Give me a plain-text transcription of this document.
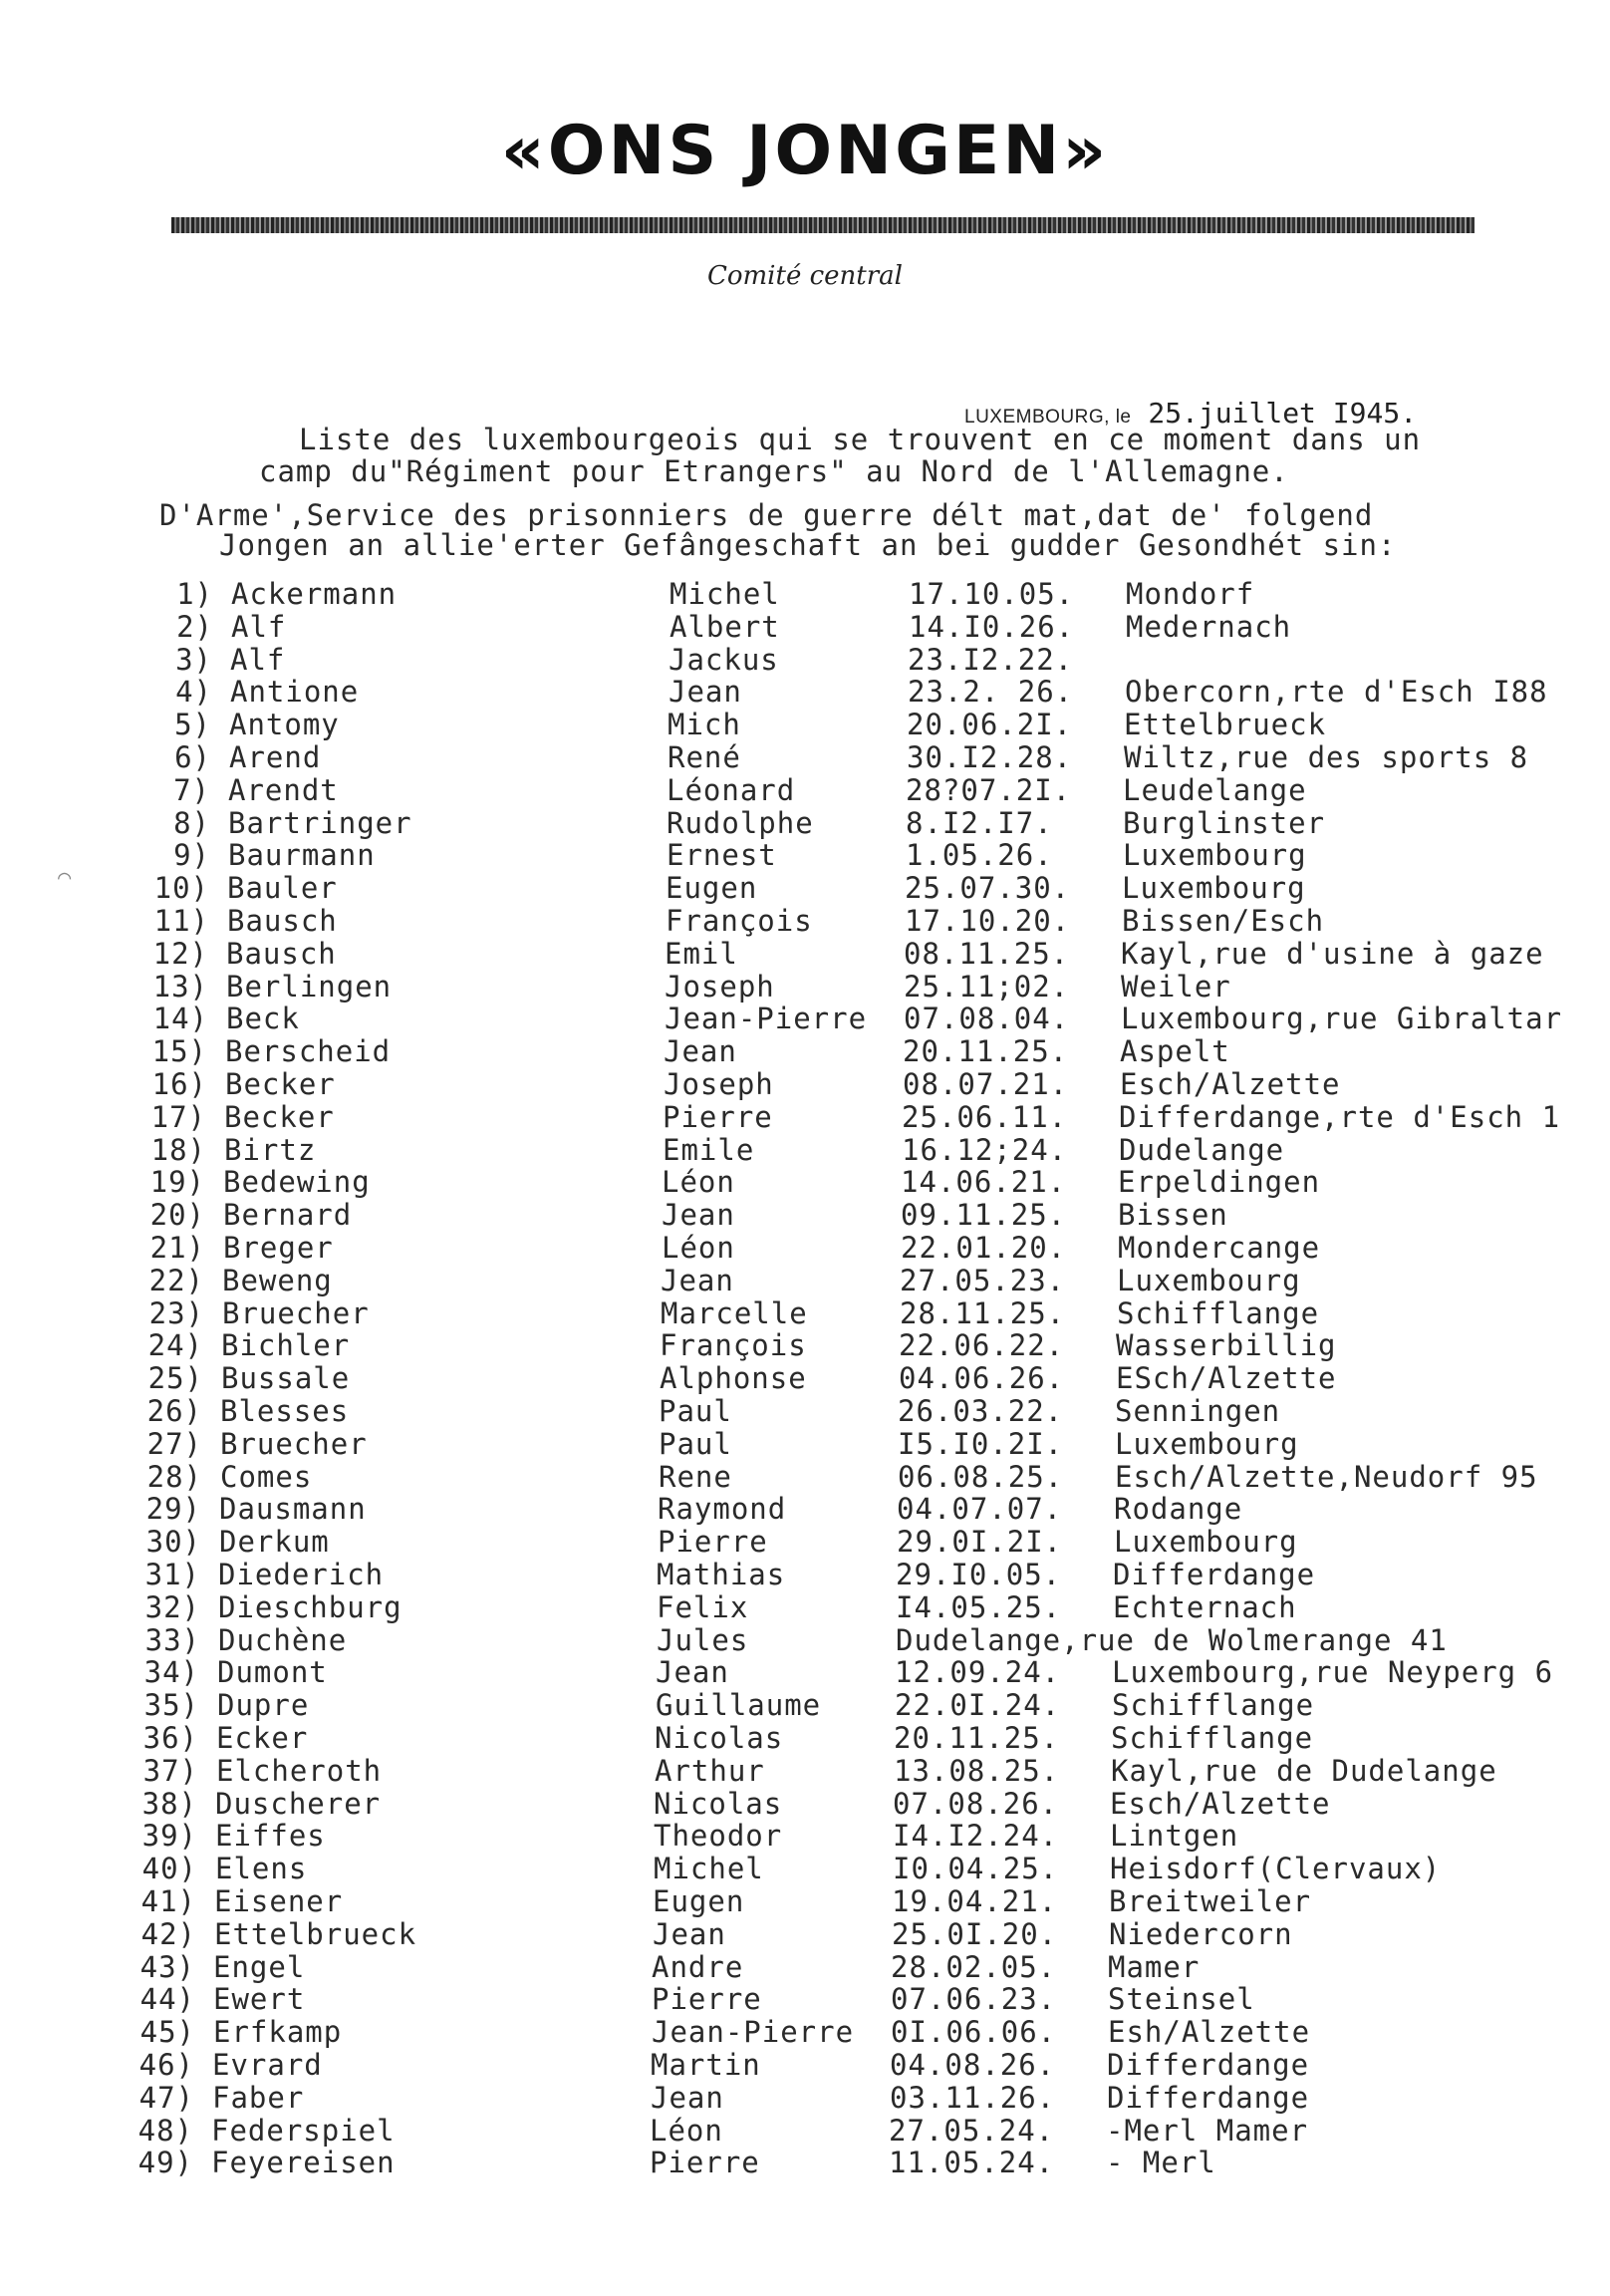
«ONS JONGEN»
Comité central
LUXEMBOURG, le 25.juillet I945.
Liste des luxembourgeois qui se trouvent en ce moment dans un
camp du"Régiment pour Etrangers" au Nord de l'Allemagne.
D'Arme',Service des prisonniers de guerre délt mat,dat de' folgend
Jongen an allie'erter Gefângeschaft an bei gudder Gesondhét sin:
1) Ackermann	Michel	17.10.05. Mondorf
2) Alf	Albert	14.I0.26. Medernach
3) Alf	Jackus	23.I2.22.
4) Antione	Jean	23.2. 26. Obercorn,rte d'Esch I88
5) Antomy	Mich	20.06.2I. Ettelbrueck
6) Arend	René	30.I2.28. Wiltz,rue des sports 8
7) Arendt	Léonard	28?07.2I. Leudelange
8) Bartringer	Rudolphe	8.I2.I7. Burglinster
9) Baurmann	Ernest	1.05.26. Luxembourg
10) Bauler	Eugen	25.07.30. Luxembourg
11) Bausch	François	17.10.20. Bissen/Esch
12) Bausch	Emil	08.11.25. Kayl,rue d'usine à gaze
13) Berlingen	Joseph	25.11;02. Weiler
14) Beck	Jean-Pierre 07.08.04. Luxembourg,rue Gibraltar
15) Berscheid	Jean	20.11.25. Aspelt
16) Becker	Joseph	08.07.21. Esch/Alzette
17) Becker	Pierre	25.06.11. Differdange,rte d'Esch 1
18) Birtz	Emile	16.12;24. Dudelange
19) Bedewing	Léon	14.06.21. Erpeldingen
20) Bernard	Jean	09.11.25. Bissen
21) Breger	Léon	22.01.20. Mondercange
22) Beweng	Jean	27.05.23. Luxembourg
23) Bruecher	Marcelle	28.11.25. Schifflange
24) Bichler	François	22.06.22. Wasserbillig
25) Bussale	Alphonse	04.06.26. ESch/Alzette
26) Blesses	Paul	26.03.22. Senningen
27) Bruecher	Paul	I5.I0.2I. Luxembourg
28) Comes	Rene	06.08.25. Esch/Alzette,Neudorf 95
29) Dausmann	Raymond	04.07.07. Rodange
30) Derkum	Pierre	29.0I.2I. Luxembourg
31) Diederich	Mathias	29.I0.05. Differdange
32) Dieschburg	Felix	I4.05.25. Echternach
33) Duchène	Jules	Dudelange,rue de Wolmerange 41
34) Dumont	Jean	12.09.24. Luxembourg,rue Neyperg 6
35) Dupre	Guillaume	22.0I.24. Schifflange
36) Ecker	Nicolas	20.11.25. Schifflange
37) Elcheroth	Arthur	13.08.25. Kayl,rue de Dudelange
38) Duscherer	Nicolas	07.08.26. Esch/Alzette
39) Eiffes	Theodor	I4.I2.24. Lintgen
40) Elens	Michel	I0.04.25. Heisdorf(Clervaux)
41) Eisener	Eugen	19.04.21. Breitweiler
42) Ettelbrueck	Jean	25.0I.20. Niedercorn
43) Engel	Andre	28.02.05. Mamer
44) Ewert	Pierre	07.06.23. Steinsel
45) Erfkamp	Jean-Pierre 0I.06.06. Esh/Alzette
46) Evrard	Martin	04.08.26. Differdange
47) Faber	Jean	03.11.26. Differdange
48) Federspiel	Léon	27.05.24. -Merl Mamer
49) Feyereisen	Pierre	11.05.24. - Merl
⌒
